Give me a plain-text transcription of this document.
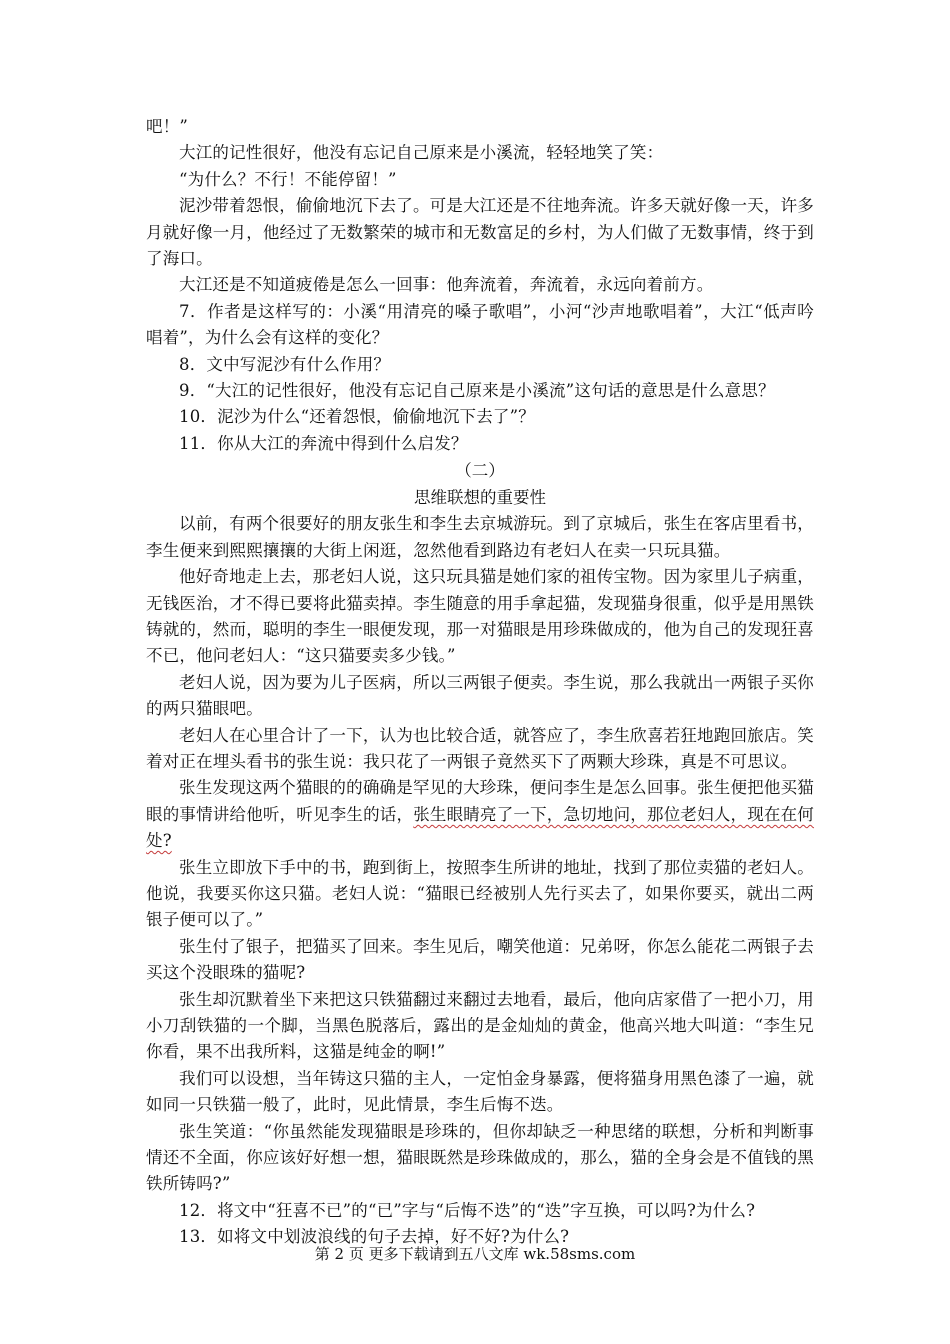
吧！”

大江的记性很好，他没有忘记自己原来是小溪流，轻轻地笑了笑：

“为什么？不行！不能停留！”

泥沙带着怨恨，偷偷地沉下去了。可是大江还是不往地奔流。许多天就好像一天，许多月就好像一月，他经过了无数繁荣的城市和无数富足的乡村，为人们做了无数事情，终于到了海口。

大江还是不知道疲倦是怎么一回事：他奔流着，奔流着，永远向着前方。

7．作者是这样写的：小溪“用清亮的嗓子歌唱”，小河“沙声地歌唱着”，大江“低声吟唱着”，为什么会有这样的变化？

8．文中写泥沙有什么作用？

9．“大江的记性很好，他没有忘记自己原来是小溪流”这句话的意思是什么意思？

10．泥沙为什么“还着怨恨，偷偷地沉下去了”？

11．你从大江的奔流中得到什么启发？

（二）

思维联想的重要性

以前，有两个很要好的朋友张生和李生去京城游玩。到了京城后，张生在客店里看书，李生便来到熙熙攘攘的大街上闲逛，忽然他看到路边有老妇人在卖一只玩具猫。

他好奇地走上去，那老妇人说，这只玩具猫是她们家的祖传宝物。因为家里儿子病重，无钱医治，才不得已要将此猫卖掉。李生随意的用手拿起猫，发现猫身很重，似乎是用黑铁铸就的，然而，聪明的李生一眼便发现，那一对猫眼是用珍珠做成的，他为自己的发现狂喜不已，他问老妇人：“这只猫要卖多少钱。”

老妇人说，因为要为儿子医病，所以三两银子便卖。李生说，那么我就出一两银子买你的两只猫眼吧。

老妇人在心里合计了一下，认为也比较合适，就答应了，李生欣喜若狂地跑回旅店。笑着对正在埋头看书的张生说：我只花了一两银子竟然买下了两颗大珍珠，真是不可思议。

张生发现这两个猫眼的的确确是罕见的大珍珠，便问李生是怎么回事。张生便把他买猫眼的事情讲给他听，听见李生的话，张生眼睛亮了一下，急切地问，那位老妇人，现在在何处?

张生立即放下手中的书，跑到街上，按照李生所讲的地址，找到了那位卖猫的老妇人。他说，我要买你这只猫。老妇人说：“猫眼已经被别人先行买去了，如果你要买，就出二两银子便可以了。”

张生付了银子，把猫买了回来。李生见后，嘲笑他道：兄弟呀，你怎么能花二两银子去买这个没眼珠的猫呢?

张生却沉默着坐下来把这只铁猫翻过来翻过去地看，最后，他向店家借了一把小刀，用小刀刮铁猫的一个脚，当黑色脱落后，露出的是金灿灿的黄金，他高兴地大叫道：“李生兄你看，果不出我所料，这猫是纯金的啊!”

我们可以设想，当年铸这只猫的主人，一定怕金身暴露，便将猫身用黑色漆了一遍，就如同一只铁猫一般了，此时，见此情景，李生后悔不迭。

张生笑道：“你虽然能发现猫眼是珍珠的，但你却缺乏一种思绪的联想，分析和判断事情还不全面，你应该好好想一想，猫眼既然是珍珠做成的，那么，猫的全身会是不值钱的黑铁所铸吗?”

12．将文中“狂喜不已”的“已”字与“后悔不迭”的“迭”字互换，可以吗?为什么?

13．如将文中划波浪线的句子去掉，好不好?为什么?

第 2 页 更多下载请到五八文库 wk.58sms.com
